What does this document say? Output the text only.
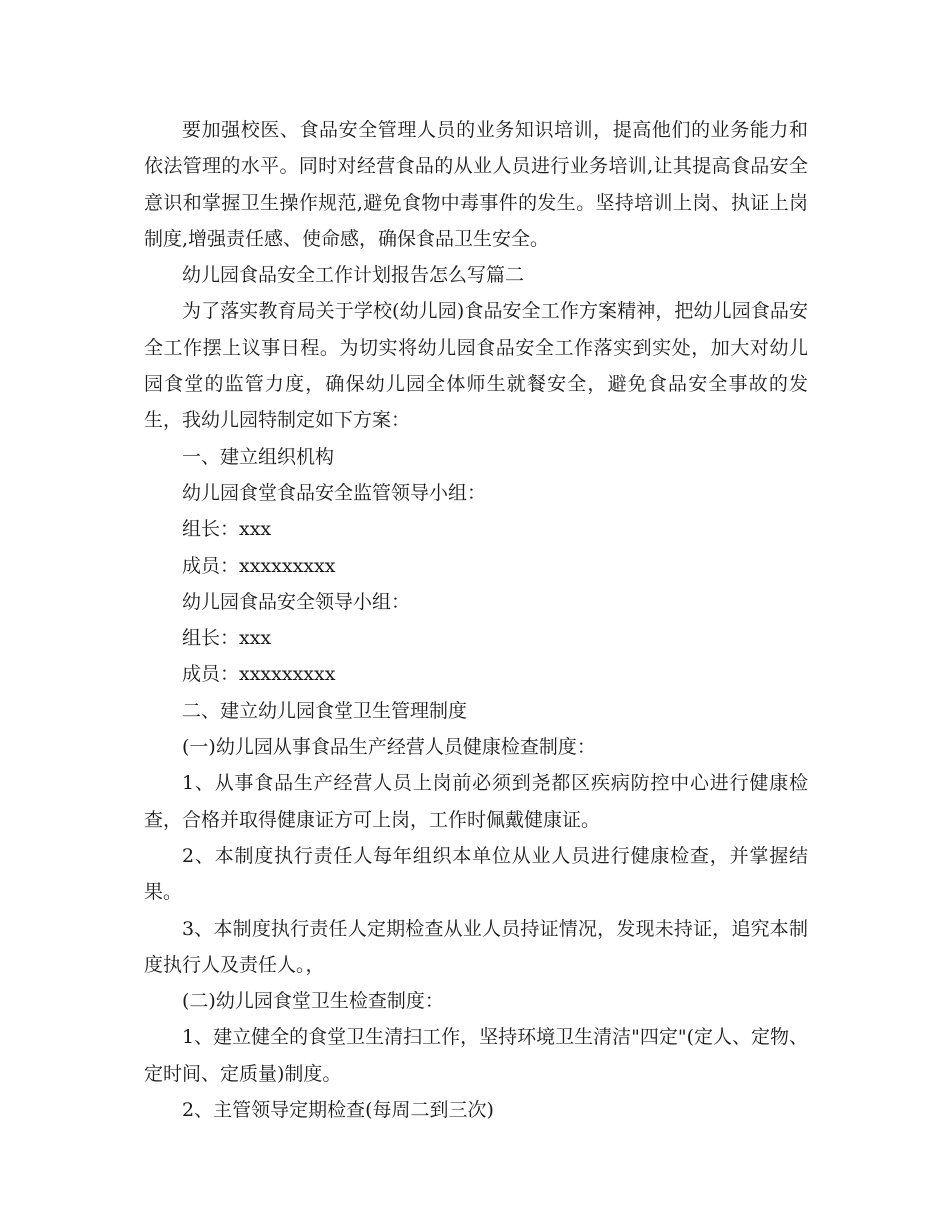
要加强校医、食品安全管理人员的业务知识培训，提高他们的业务能力和依法管理的水平。同时对经营食品的从业人员进行业务培训,让其提高食品安全意识和掌握卫生操作规范,避免食物中毒事件的发生。坚持培训上岗、执证上岗制度,增强责任感、使命感，确保食品卫生安全。

幼儿园食品安全工作计划报告怎么写篇二

为了落实教育局关于学校(幼儿园)食品安全工作方案精神，把幼儿园食品安全工作摆上议事日程。为切实将幼儿园食品安全工作落实到实处，加大对幼儿园食堂的监管力度，确保幼儿园全体师生就餐安全，避免食品安全事故的发生，我幼儿园特制定如下方案：

一、建立组织机构

幼儿园食堂食品安全监管领导小组：

组长：xxx

成员：xxxxxxxxx

幼儿园食品安全领导小组：

组长：xxx

成员：xxxxxxxxx

二、建立幼儿园食堂卫生管理制度

(一)幼儿园从事食品生产经营人员健康检查制度：

1、从事食品生产经营人员上岗前必须到尧都区疾病防控中心进行健康检查，合格并取得健康证方可上岗，工作时佩戴健康证。

2、本制度执行责任人每年组织本单位从业人员进行健康检查，并掌握结果。

3、本制度执行责任人定期检查从业人员持证情况，发现未持证，追究本制度执行人及责任人。，

(二)幼儿园食堂卫生检查制度：

1、建立健全的食堂卫生清扫工作，坚持环境卫生清洁"四定"(定人、定物、定时间、定质量)制度。

2、主管领导定期检查(每周二到三次)
